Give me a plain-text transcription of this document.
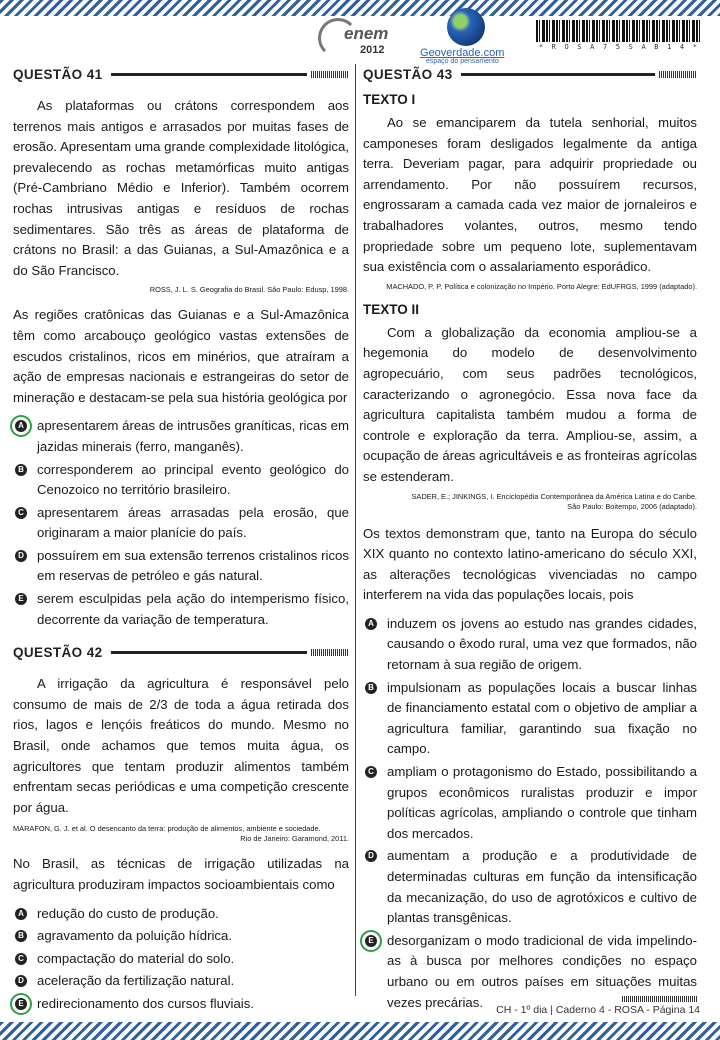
enem
2012	Geoverdade.com
espaço do pensamento
* R O S A 7 5 S A B 1 4 *
QUESTÃO 41

As plataformas ou crátons correspondem aos terrenos mais antigos e arrasados por muitas fases de erosão. Apresentam uma grande complexidade litológica, prevalecendo as rochas metamórficas muito antigas (Pré-Cambriano Médio e Inferior). Também ocorrem rochas intrusivas antigas e resíduos de rochas sedimentares. São três as áreas de plataforma de crátons no Brasil: a das Guianas, a Sul-Amazônica e a do São Francisco.

ROSS, J. L. S. Geografia do Brasil. São Paulo: Edusp, 1998.

As regiões cratônicas das Guianas e a Sul-Amazônica têm como arcabouço geológico vastas extensões de escudos cristalinos, ricos em minérios, que atraíram a ação de empresas nacionais e estrangeiras do setor de mineração e destacam-se pela sua história geológica por

A apresentarem áreas de intrusões graníticas, ricas em jazidas minerais (ferro, manganês).
B corresponderem ao principal evento geológico do Cenozoico no território brasileiro.
C apresentarem áreas arrasadas pela erosão, que originaram a maior planície do país.
D possuírem em sua extensão terrenos cristalinos ricos em reservas de petróleo e gás natural.
E serem esculpidas pela ação do intemperismo físico, decorrente da variação de temperatura.
QUESTÃO 42

A irrigação da agricultura é responsável pelo consumo de mais de 2/3 de toda a água retirada dos rios, lagos e lençóis freáticos do mundo. Mesmo no Brasil, onde achamos que temos muita água, os agricultores que tentam produzir alimentos também enfrentam secas periódicas e uma competição crescente por água.

MARAFON, G. J. et al. O desencanto da terra: produção de alimentos, ambiente e sociedade.

Rio de Janeiro: Garamond, 2011.

No Brasil, as técnicas de irrigação utilizadas na agricultura produziram impactos socioambientais como

A redução do custo de produção.
B agravamento da poluição hídrica.
C compactação do material do solo.
D aceleração da fertilização natural.
E redirecionamento dos cursos fluviais.
QUESTÃO 43

TEXTO I

Ao se emanciparem da tutela senhorial, muitos camponeses foram desligados legalmente da antiga terra. Deveriam pagar, para adquirir propriedade ou arrendamento. Por não possuírem recursos, engrossaram a camada cada vez maior de jornaleiros e trabalhadores volantes, outros, mesmo tendo propriedade sobre um pequeno lote, suplementavam sua existência com o assalariamento esporádico.

MACHADO, P. P. Política e colonização no Império. Porto Alegre: EdUFRGS, 1999 (adaptado).

TEXTO II

Com a globalização da economia ampliou-se a hegemonia do modelo de desenvolvimento agropecuário, com seus padrões tecnológicos, caracterizando o agronegócio. Essa nova face da agricultura capitalista também mudou a forma de controle e exploração da terra. Ampliou-se, assim, a ocupação de áreas agricultáveis e as fronteiras agrícolas se estenderam.

SADER, E.; JINKINGS, I. Enciclopédia Contemporânea da América Latina e do Caribe.

São Paulo: Boitempo, 2006 (adaptado).

Os textos demonstram que, tanto na Europa do século XIX quanto no contexto latino-americano do século XXI, as alterações tecnológicas vivenciadas no campo interferem na vida das populações locais, pois

A induzem os jovens ao estudo nas grandes cidades, causando o êxodo rural, uma vez que formados, não retornam à sua região de origem.
B impulsionam as populações locais a buscar linhas de financiamento estatal com o objetivo de ampliar a agricultura familiar, garantindo sua fixação no campo.
C ampliam o protagonismo do Estado, possibilitando a grupos econômicos ruralistas produzir e impor políticas agrícolas, ampliando o controle que tinham dos mercados.
D aumentam a produção e a produtividade de determinadas culturas em função da intensificação da mecanização, do uso de agrotóxicos e cultivo de plantas transgênicas.
E desorganizam o modo tradicional de vida impelindo-as à busca por melhores condições no espaço urbano ou em outros países em situações muitas vezes precárias.
CH - 1º dia | Caderno 4 - ROSA - Página 14
